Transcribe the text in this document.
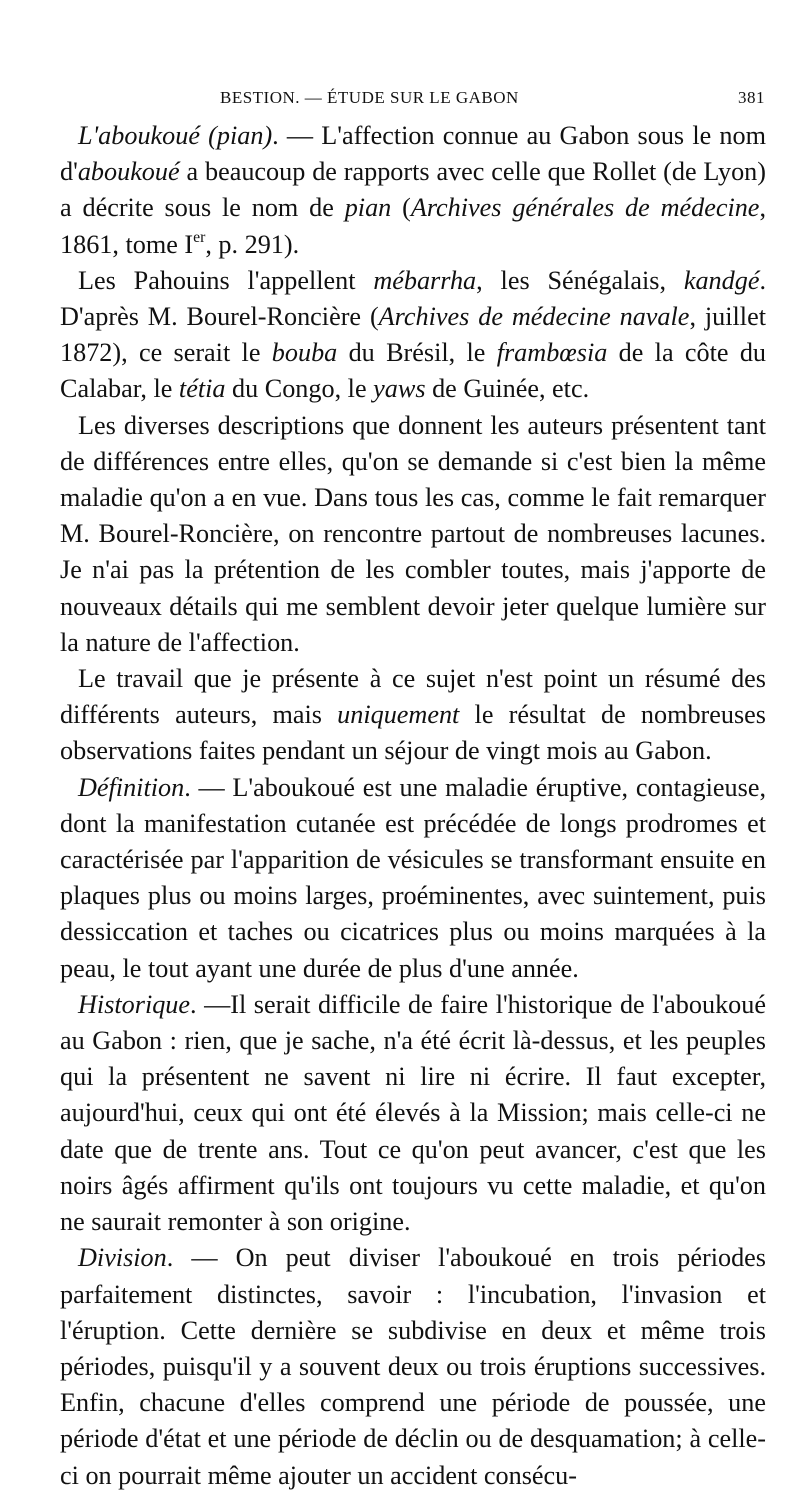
BESTION. — ÉTUDE SUR LE GABON	381

L'aboukoué (pian). — L'affection connue au Gabon sous le nom d'aboukoué a beaucoup de rapports avec celle que Rollet (de Lyon) a décrite sous le nom de pian (Archives générales de médecine, 1861, tome Ier, p. 291).

Les Pahouins l'appellent mébarrha, les Sénégalais, kandgé. D'après M. Bourel-Roncière (Archives de médecine navale, juillet 1872), ce serait le bouba du Brésil, le frambœsia de la côte du Calabar, le tétia du Congo, le yaws de Guinée, etc.

Les diverses descriptions que donnent les auteurs présentent tant de différences entre elles, qu'on se demande si c'est bien la même maladie qu'on a en vue. Dans tous les cas, comme le fait remarquer M. Bourel-Roncière, on rencontre partout de nombreuses lacunes. Je n'ai pas la prétention de les combler toutes, mais j'apporte de nouveaux détails qui me semblent devoir jeter quelque lumière sur la nature de l'affection.

Le travail que je présente à ce sujet n'est point un résumé des différents auteurs, mais uniquement le résultat de nombreuses observations faites pendant un séjour de vingt mois au Gabon.

Définition. — L'aboukoué est une maladie éruptive, contagieuse, dont la manifestation cutanée est précédée de longs prodromes et caractérisée par l'apparition de vésicules se transformant ensuite en plaques plus ou moins larges, proéminentes, avec suintement, puis dessiccation et taches ou cicatrices plus ou moins marquées à la peau, le tout ayant une durée de plus d'une année.

Historique. —Il serait difficile de faire l'historique de l'aboukoué au Gabon : rien, que je sache, n'a été écrit là-dessus, et les peuples qui la présentent ne savent ni lire ni écrire. Il faut excepter, aujourd'hui, ceux qui ont été élevés à la Mission; mais celle-ci ne date que de trente ans. Tout ce qu'on peut avancer, c'est que les noirs âgés affirment qu'ils ont toujours vu cette maladie, et qu'on ne saurait remonter à son origine.

Division. — On peut diviser l'aboukoué en trois périodes parfaitement distinctes, savoir : l'incubation, l'invasion et l'éruption. Cette dernière se subdivise en deux et même trois périodes, puisqu'il y a souvent deux ou trois éruptions successives. Enfin, chacune d'elles comprend une période de poussée, une période d'état et une période de déclin ou de desquamation; à celle-ci on pourrait même ajouter un accident consécu-
